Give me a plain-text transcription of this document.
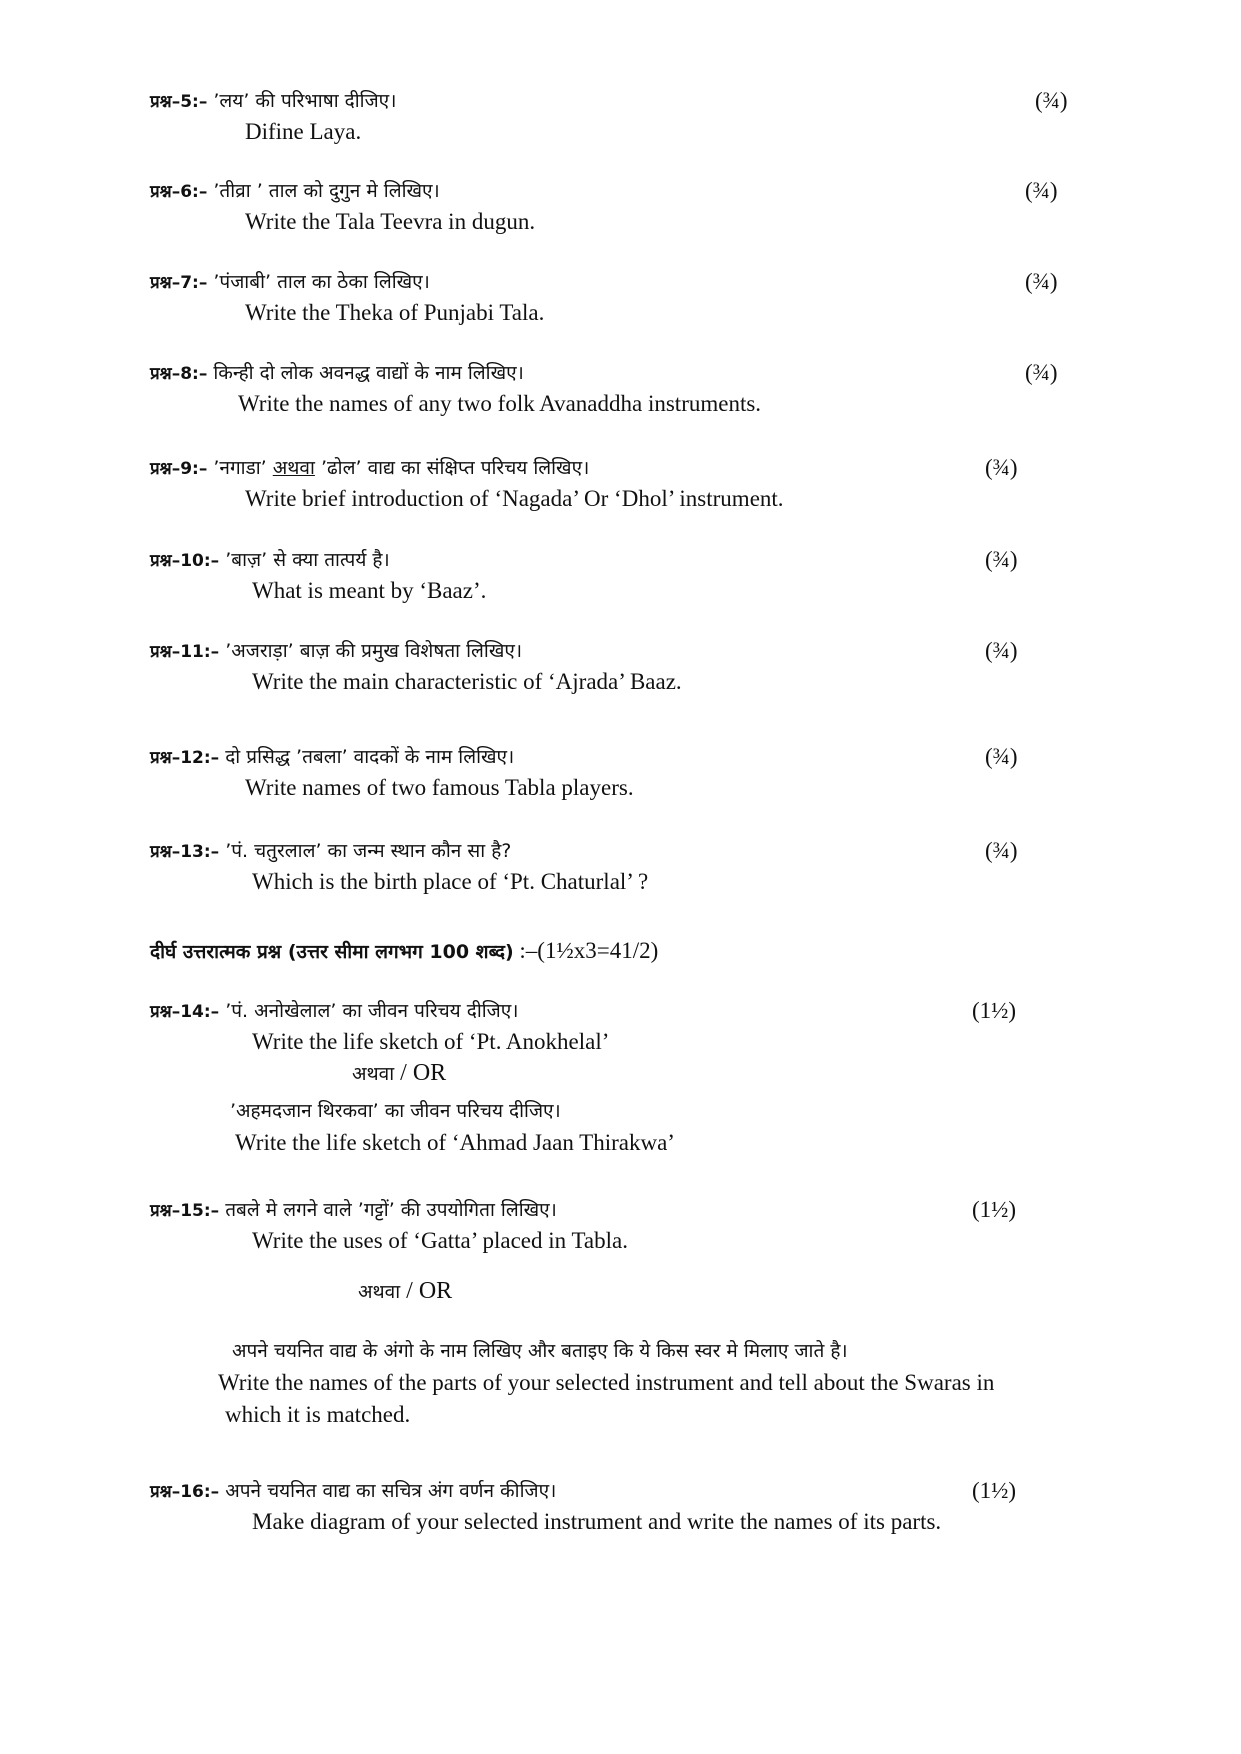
प्रश्न–5:– ’लय’ की परिभाषा दीजिए।
Difine Laya.
(¾)
प्रश्न–6:– ’तीव्रा ’ ताल को दुगुन मे लिखिए।
Write the Tala Teevra in dugun.
(¾)
प्रश्न–7:– ’पंजाबी’ ताल का ठेका लिखिए।
Write the Theka of Punjabi Tala.
(¾)
प्रश्न–8:– किन्ही दो लोक अवनद्ध वाद्यों के नाम लिखिए।
Write the names of any two folk Avanaddha instruments.
(¾)
प्रश्न–9:– ’नगाडा’ अथवा ’ढोल’ वाद्य का संक्षिप्त परिचय लिखिए।
Write brief introduction of ‘Nagada’ Or ‘Dhol’ instrument.
(¾)
प्रश्न–10:– ’बाज़’ से क्या तात्पर्य है।
What is meant by ‘Baaz’.
(¾)
प्रश्न–11:– ’अजराड़ा’ बाज़ की प्रमुख विशेषता लिखिए।
Write the main characteristic of ‘Ajrada’ Baaz.
(¾)
प्रश्न–12:– दो प्रसिद्ध ’तबला’ वादकों के नाम लिखिए।
Write names of two famous Tabla players.
(¾)
प्रश्न–13:– ’पं. चतुरलाल’ का जन्म स्थान कौन सा है?
Which is the birth place of ‘Pt. Chaturlal’ ?
(¾)
दीर्घ उत्तरात्मक प्रश्न (उत्तर सीमा लगभग 100 शब्द) :–(1½x3=41/2)
प्रश्न–14:– ’पं. अनोखेलाल’ का जीवन परिचय दीजिए।
Write the life sketch of ‘Pt. Anokhelal’
(1½)
अथवा / OR
’अहमदजान थिरकवा’ का जीवन परिचय दीजिए।
Write the life sketch of ‘Ahmad Jaan Thirakwa’
प्रश्न–15:– तबले मे लगने वाले ’गट्टों’ की उपयोगिता लिखिए।
Write the uses of ‘Gatta’ placed in Tabla.
(1½)
अथवा / OR
अपने चयनित वाद्य के अंगो के नाम लिखिए और बताइए कि ये किस स्वर मे मिलाए जाते है।
Write the names of the parts of your selected instrument and tell about the Swaras in
which it is matched.
प्रश्न–16:– अपने चयनित वाद्य का सचित्र अंग वर्णन कीजिए।
Make diagram of your selected instrument and write the names of its parts.
(1½)
